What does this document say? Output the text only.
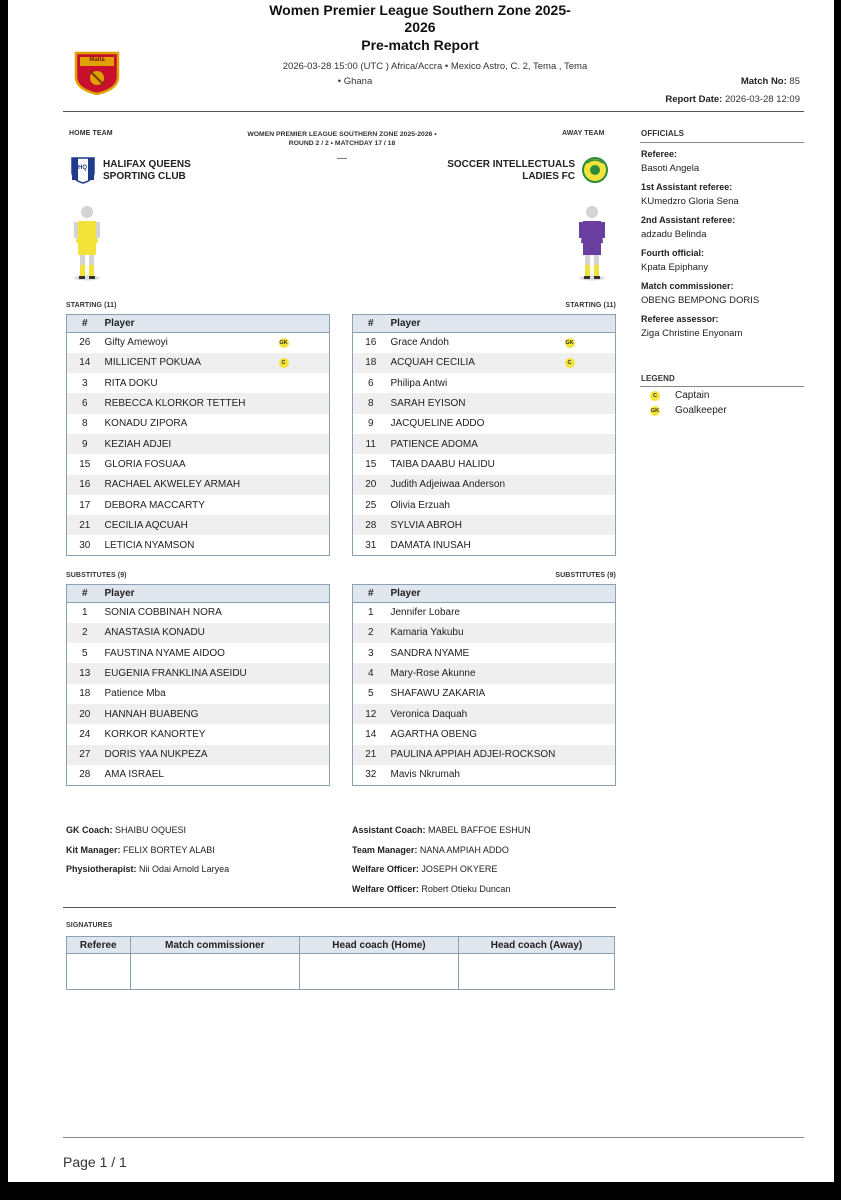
Malta
Women Premier League Southern Zone 2025-
2026
Pre-match Report
2026-03-28 15:00 (UTC ) Africa/Accra • Mexico Astro, C. 2, Tema , Tema
• Ghana	Match No: 85
Report Date: 2026-03-28 12:09
HOME TEAM	AWAY TEAM
WOMEN PREMIER LEAGUE SOUTHERN ZONE 2025-2026 •
ROUND 2 / 2 • MATCHDAY 17 / 18
—
HQ HALIFAX QUEENS
SPORTING CLUB
SOCCER INTELLECTUALS
LADIES FC
STARTING (11)	STARTING (11)
#	Player
26	Gifty Amewoyi GK

14	MILLICENT POKUAA C

3	RITA DOKU
6	REBECCA KLORKOR TETTEH
8	KONADU ZIPORA
9	KEZIAH ADJEI
15	GLORIA FOSUAA
16	RACHAEL AKWELEY ARMAH
17	DEBORA MACCARTY
21	CECILIA AQCUAH
30	LETICIA NYAMSON
#	Player
16	Grace Andoh GK

18	ACQUAH CECILIA C

6	Philipa Antwi
8	SARAH EYISON
9	JACQUELINE ADDO
11	PATIENCE ADOMA
15	TAIBA DAABU HALIDU
20	Judith Adjeiwaa Anderson
25	Olivia Erzuah
28	SYLVIA ABROH
31	DAMATA INUSAH
SUBSTITUTES (9)	SUBSTITUTES (9)
#	Player
1	SONIA COBBINAH NORA
2	ANASTASIA KONADU
5	FAUSTINA NYAME AIDOO
13	EUGENIA FRANKLINA ASEIDU
18	Patience Mba
20	HANNAH BUABENG
24	KORKOR KANORTEY
27	DORIS YAA NUKPEZA
28	AMA ISRAEL
#	Player
1	Jennifer Lobare
2	Kamaria Yakubu
3	SANDRA NYAME
4	Mary-Rose Akunne
5	SHAFAWU ZAKARIA
12	Veronica Daquah
14	AGARTHA OBENG
21	PAULINA APPIAH ADJEI-ROCKSON
32	Mavis Nkrumah
OFFICIALS
Referee:
Basoti Angela
1st Assistant referee:
KUmedzro Gloria Sena
2nd Assistant referee:
adzadu Belinda
Fourth official:
Kpata Epiphany
Match commissioner:
OBENG BEMPONG DORIS
Referee assessor:
Ziga Christine Enyonam
LEGEND
C	Captain
GK Goalkeeper
GK Coach: SHAIBU OQUESI
Kit Manager: FELIX BORTEY ALABI
Physiotherapist: Nii Odai Arnold Laryea
Assistant Coach: MABEL BAFFOE ESHUN
Team Manager: NANA AMPIAH ADDO
Welfare Officer: JOSEPH OKYERE
Welfare Officer: Robert Otieku Duncan
SIGNATURES
Referee	Match commissioner	Head coach (Home)	Head coach (Away)

Page 1 / 1
